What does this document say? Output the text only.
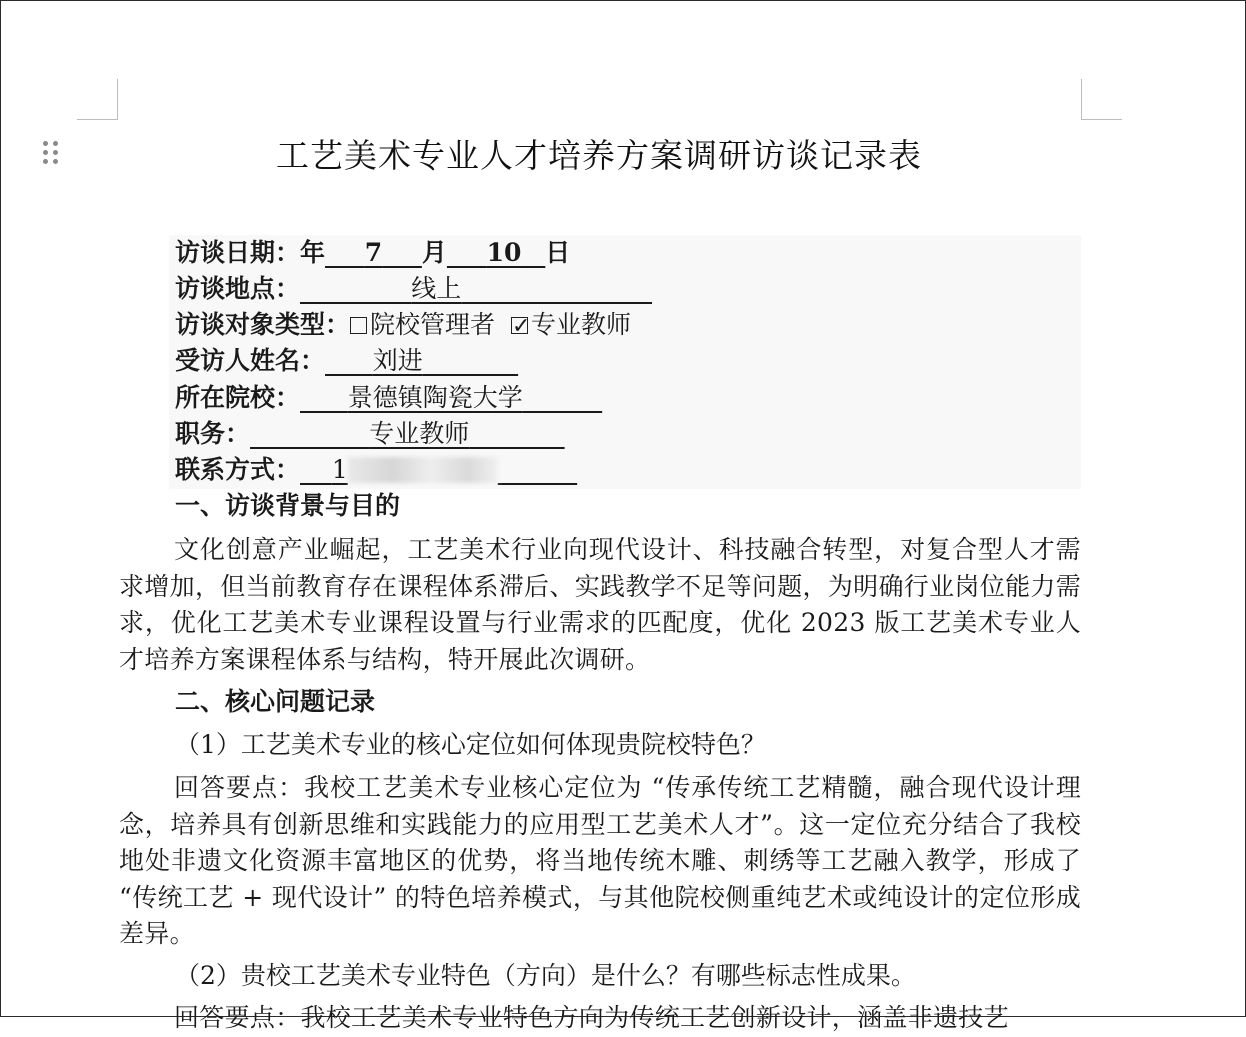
工艺美术专业人才培养方案调研访谈记录表
访谈日期：年 7 月 10 日
访谈地点：	线上
访谈对象类型： 院校管理者  ✓ 专业教师
受访人姓名： 刘进
所在院校： 景德镇陶瓷大学
职务：	专业教师
联系方式： 1
一、访谈背景与目的

文化创意产业崛起，工艺美术行业向现代设计、科技融合转型，对复合型人才需求增加，但当前教育存在课程体系滞后、实践教学不足等问题，为明确行业岗位能力需求，优化工艺美术专业课程设置与行业需求的匹配度，优化 2023 版工艺美术专业人才培养方案课程体系与结构，特开展此次调研。

二、核心问题记录

（1）工艺美术专业的核心定位如何体现贵院校特色？

回答要点：我校工艺美术专业核心定位为 “传承传统工艺精髓，融合现代设计理念，培养具有创新思维和实践能力的应用型工艺美术人才”。这一定位充分结合了我校地处非遗文化资源丰富地区的优势，将当地传统木雕、刺绣等工艺融入教学，形成了 “传统工艺 + 现代设计” 的特色培养模式，与其他院校侧重纯艺术或纯设计的定位形成差异。

（2）贵校工艺美术专业特色（方向）是什么？有哪些标志性成果。

回答要点：我校工艺美术专业特色方向为传统工艺创新设计，涵盖非遗技艺
